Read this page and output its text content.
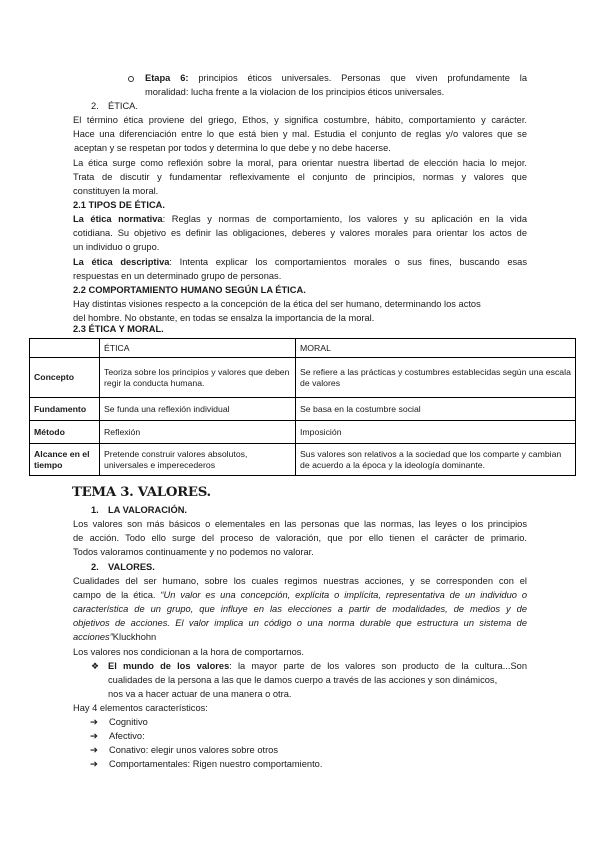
Etapa 6: principios éticos universales. Personas que viven profundamente la
moralidad: lucha frente a la violacion de los principios éticos universales.
2. ÉTICA.
El término ética proviene del griego, Ethos, y significa costumbre, hábito, comportamiento y carácter.
Hace una diferenciación entre lo que está bien y mal. Estudia el conjunto de reglas y/o valores que se
aceptan y se respetan por todos y determina lo que debe y no debe hacerse.
La ética surge como reflexión sobre la moral, para orientar nuestra libertad de elección hacia lo mejor.
Trata de discutir y fundamentar reflexivamente el conjunto de principios, normas y valores que
constituyen la moral.
2.1 TIPOS DE ÉTICA.
La ética normativa: Reglas y normas de comportamiento, los valores y su aplicación en la vida
cotidiana. Su objetivo es definir las obligaciones, deberes y valores morales para orientar los actos de
un individuo o grupo.
La ética descriptiva: Intenta explicar los comportamientos morales o sus fines, buscando esas
respuestas en un determinado grupo de personas.
2.2 COMPORTAMIENTO HUMANO SEGÚN LA ÉTICA.
Hay distintas visiones respecto a la concepción de la ética del ser humano, determinando los actos
del hombre. No obstante, en todas se ensalza la importancia de la moral.
2.3 ÉTICA Y MORAL.
	ÉTICA	MORAL
Concepto	Teoriza sobre los principios y valores que deben regir la conducta humana.	Se refiere a las prácticas y costumbres establecidas según una escala de valores
Fundamento	Se funda una reflexión individual	Se basa en la costumbre social
Método	Reflexión	Imposición
Alcance en el tiempo	Pretende construir valores absolutos, universales e imperecederos	Sus valores son relativos a la sociedad que los comparte y cambian de acuerdo a la época y la ideología dominante.
TEMA 3. VALORES.
1. LA VALORACIÓN.
Los valores son más básicos o elementales en las personas que las normas, las leyes o los principios
de acción. Todo ello surge del proceso de valoración, que por ello tienen el carácter de primario.
Todos valoramos continuamente y no podemos no valorar.
2. VALORES.
Cualidades del ser humano, sobre los cuales regimos nuestras acciones, y se corresponden con el
campo de la ética. “Un valor es una concepción, explícita o implícita, representativa de un individuo o
característica de un grupo, que influye en las elecciones a partir de modalidades, de medios y de
objetivos de acciones. El valor implica un código o una norma durable que estructura un sistema de
acciones”Kluckhohn
Los valores nos condicionan a la hora de comportarnos.
❖ El mundo de los valores: la mayor parte de los valores son producto de la cultura...Son
cualidades de la persona a las que le damos cuerpo a través de las acciones y son dinámicos,
nos va a hacer actuar de una manera o otra.
Hay 4 elementos característicos:
➔ Cognitivo
➔ Afectivo:
➔ Conativo: elegir unos valores sobre otros
➔ Comportamentales: Rigen nuestro comportamiento.
